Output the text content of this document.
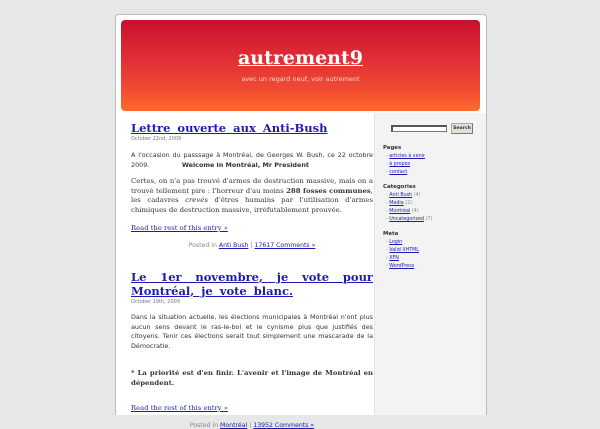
autrement9
avec un regard neuf, voir autrement
Lettre ouverte aux Anti-Bush
October 22nd, 2009
A l'occasion du passsage à Montréal, de Georges W. Bush, ce 22 octobre 2009.	Welcome in Montréal, Mr President
Certes, on n'a pas trouvé d'armes de destruction massive, mais on a trouvé tellement pire : l'horreur d'au moins 288 fosses communes, les cadavres crevés d'êtres humains par l'utilisation d'armes chimiques de destruction massive, irréfutablement prouvée.
Read the rest of this entry »
Posted in Anti Bush | 17617 Comments »
Le 1er novembre, je vote pour Montréal, je vote blanc.
October 19th, 2009
Dans la situation actuelle, les élections municipales à Montréal n'ont plus aucun sens devant le ras-le-bol et le cynisme plus que justifiés des citoyens. Tenir ces élections serait tout simplement une mascarade de la Démocratie.
* La priorité est d'en finir. L'avenir et l'image de Montréal en dépendent.
Read the rest of this entry »
Posted in Montréal | 13952 Comments »
Search
Pages
- articles à venir
- à propos
- contact
Categories
- Anti Bush (4)
- Media (2)
- Montréal (4)
- Uncategorized (7)
Meta
- Login
- Valid XHTML
- XFN
- WordPress
